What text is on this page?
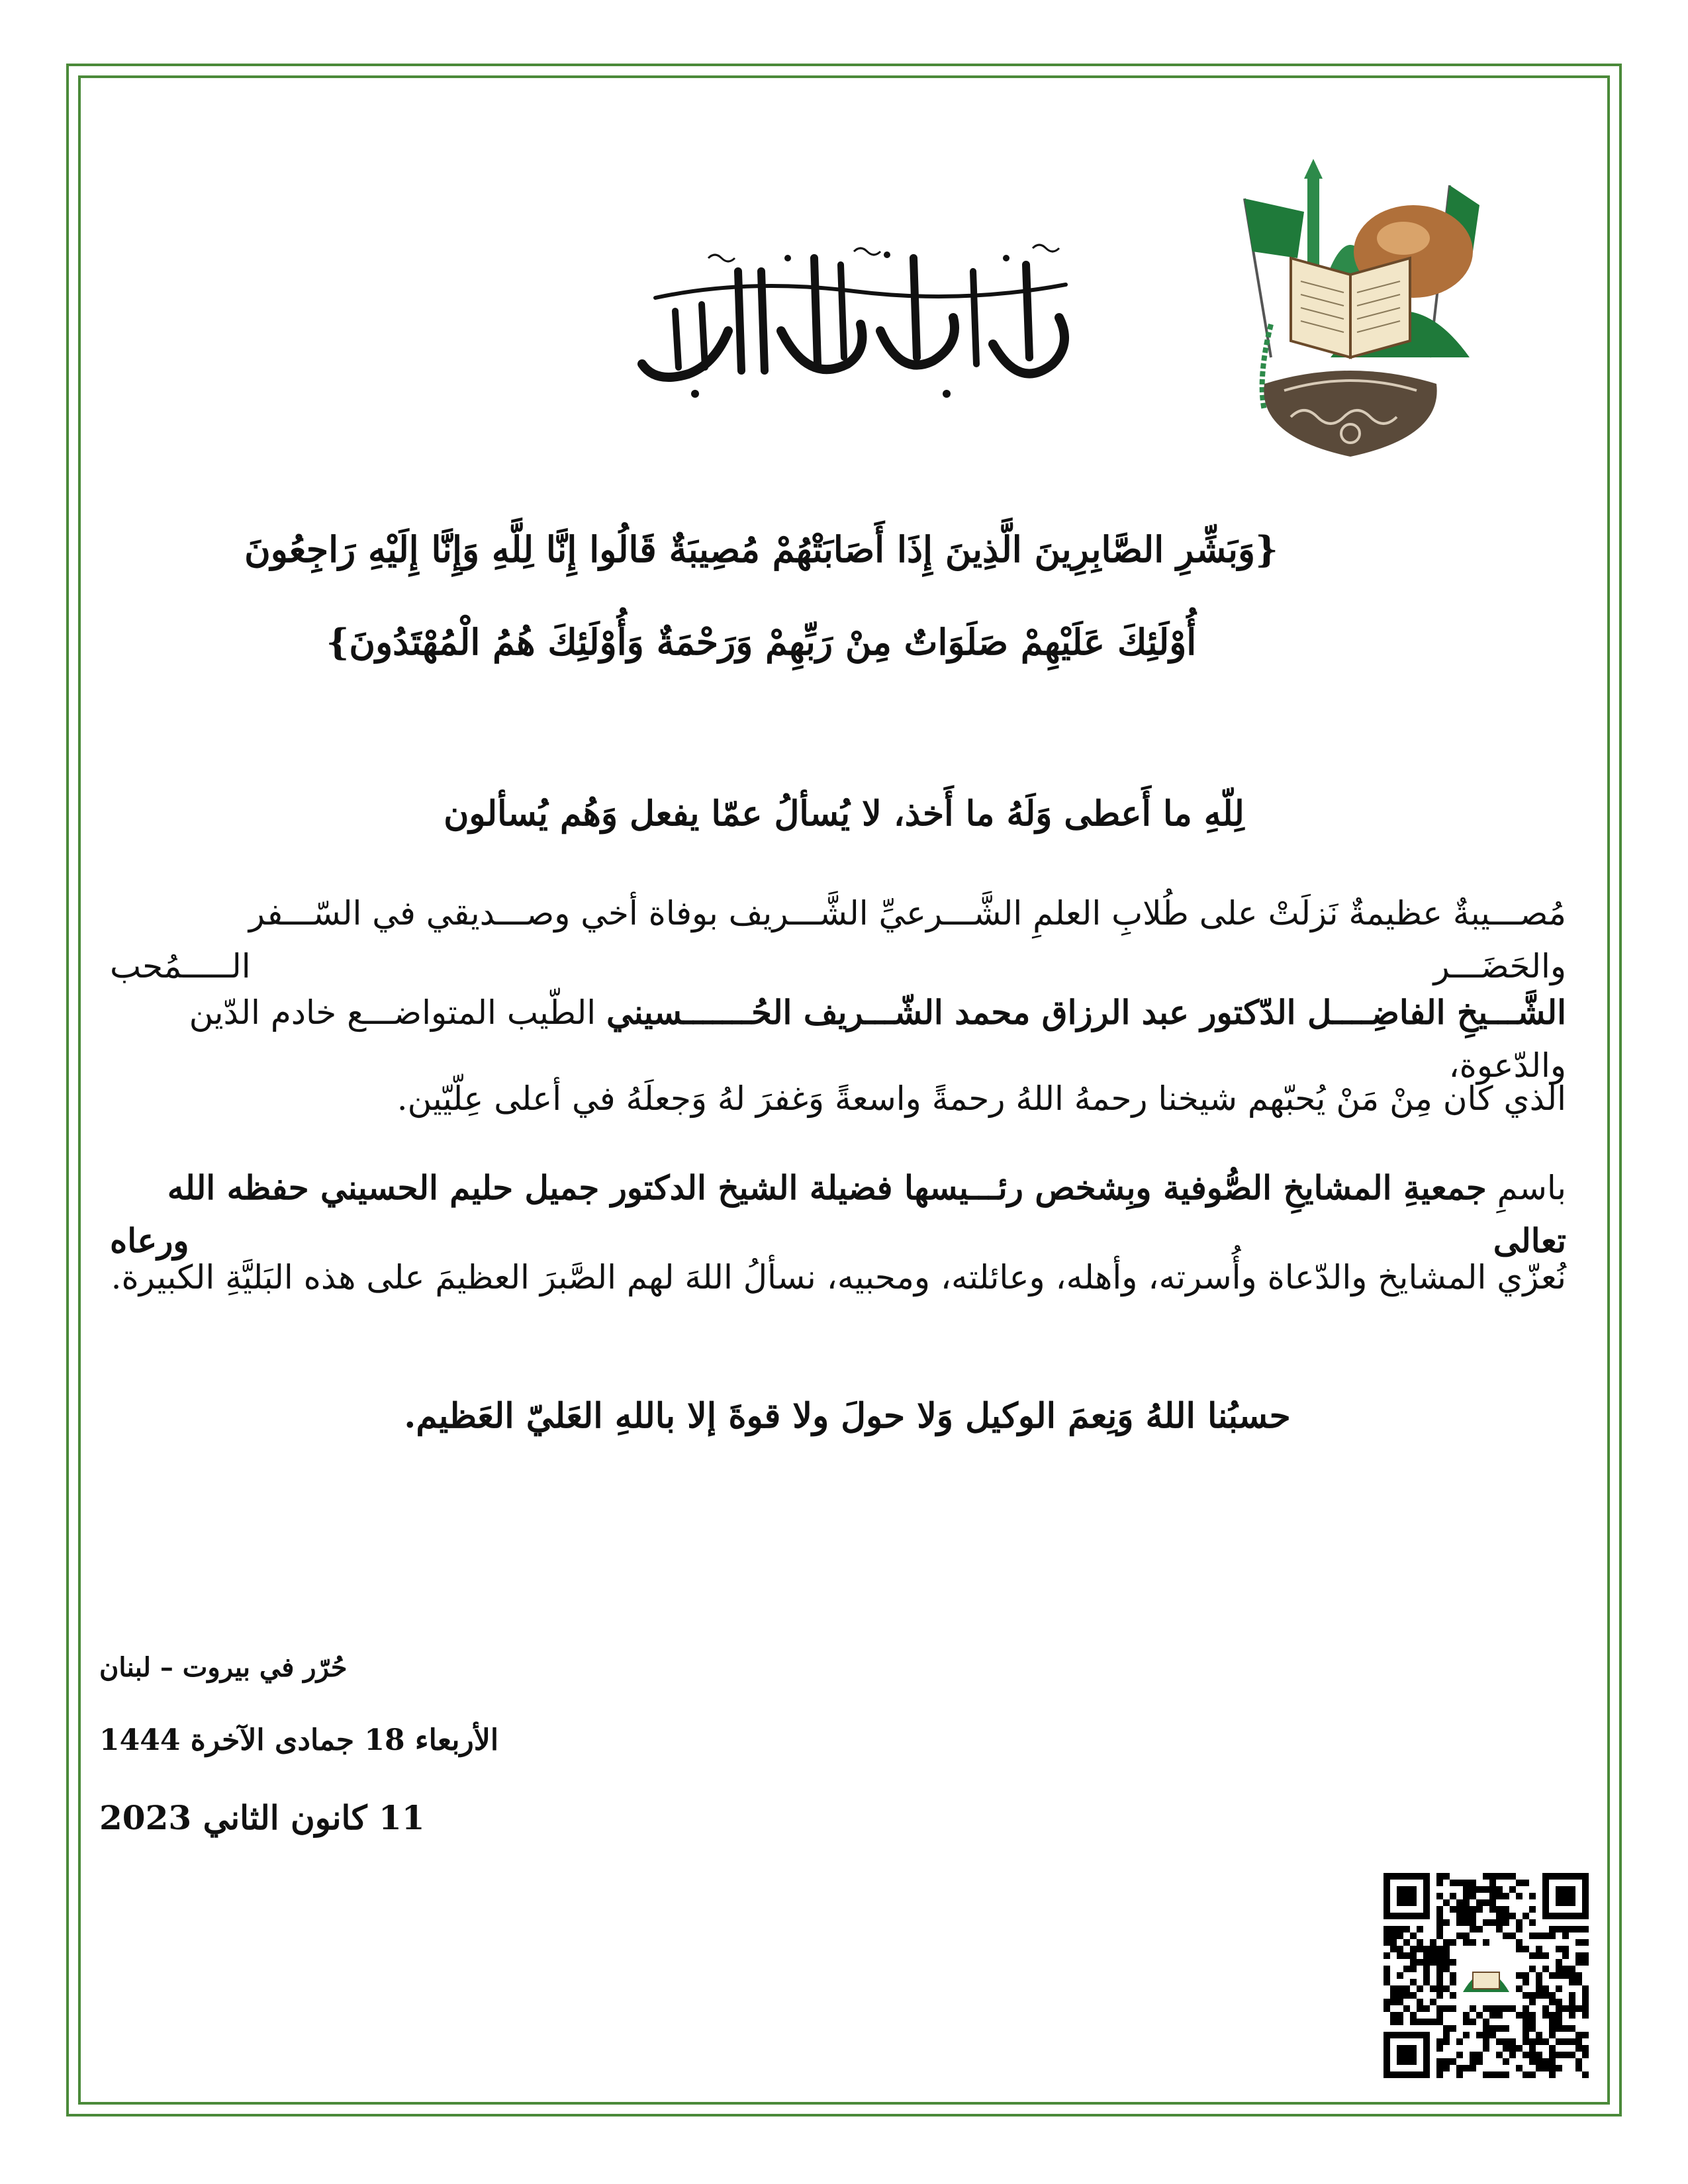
{وَبَشِّرِ الصَّابِرِينَ الَّذِينَ إِذَا أَصَابَتْهُمْ مُصِيبَةٌ قَالُوا إِنَّا لِلَّهِ وَإِنَّا إِلَيْهِ رَاجِعُونَ
أُوْلَئِكَ عَلَيْهِمْ صَلَوَاتٌ مِنْ رَبِّهِمْ وَرَحْمَةٌ وَأُوْلَئِكَ هُمُ الْمُهْتَدُونَ}
لِلّهِ ما أَعطى وَلَهُ ما أَخذ، لا يُسألُ عمّا يفعل وَهُم يُسألون
مُصـــيبةٌ عظيمةٌ نَزلَتْ على طُلابِ العلمِ الشَّـــرعيِّ الشَّـــريف بوفاة أخي وصـــديقي في السّـــفر والحَضَـــر الـــــمُحب
الشَّـــيخِ الفاضِــــل الدّكتور عبد الرزاق محمد الشّـــريف الحُـــــــسيني الطّيب المتواضـــع خادم الدّين والدّعوة،
الذي كان مِنْ مَنْ يُحبّهم شيخنا رحمهُ اللهُ رحمةً واسعةً وَغفرَ لهُ وَجعلَهُ في أعلى عِلّيّين.
باسمِ جمعيةِ المشايخِ الصُّوفية وبِشخص رئـــيسها فضيلة الشيخ الدكتور جميل حليم الحسيني حفظه الله تعالى ورعاه
نُعزّي المشايخ والدّعاة وأُسرته، وأهله، وعائلته، ومحبيه، نسألُ اللهَ لهم الصَّبرَ العظيمَ على هذه البَليَّةِ الكبيرة.
حسبُنا اللهُ وَنِعمَ الوكيل وَلا حولَ ولا قوةَ إلا باللهِ العَليّ العَظيم.
حُرّر في بيروت – لبنان
الأربعاء 18 جمادى الآخرة 1444
11 كانون الثاني 2023
